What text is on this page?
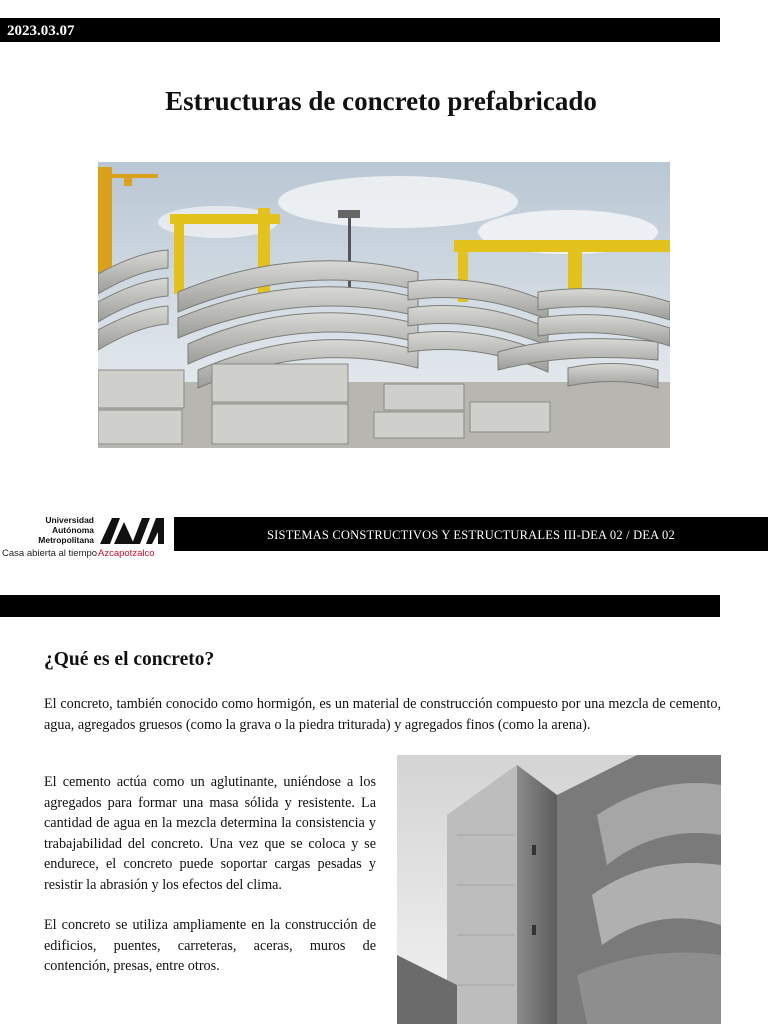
2023.03.07
Estructuras de concreto prefabricado
Universidad
Autónoma
Metropolitana
Casa abierta al tiempo Azcapotzalco
SISTEMAS CONSTRUCTIVOS Y ESTRUCTURALES III-DEA 02 / DEA 02
¿Qué es el concreto?

El concreto, también conocido como hormigón, es un material de construcción compuesto por una mezcla de cemento, agua, agregados gruesos (como la grava o la piedra triturada) y agregados finos (como la arena).

El cemento actúa como un aglutinante, uniéndose a los agregados para formar una masa sólida y resistente. La cantidad de agua en la mezcla determina la consistencia y trabajabilidad del concreto. Una vez que se coloca y se endurece, el concreto puede soportar cargas pesadas y resistir la abrasión y los efectos del clima.

El concreto se utiliza ampliamente en la construcción de edificios, puentes, carreteras, aceras, muros de contención, presas, entre otros.
